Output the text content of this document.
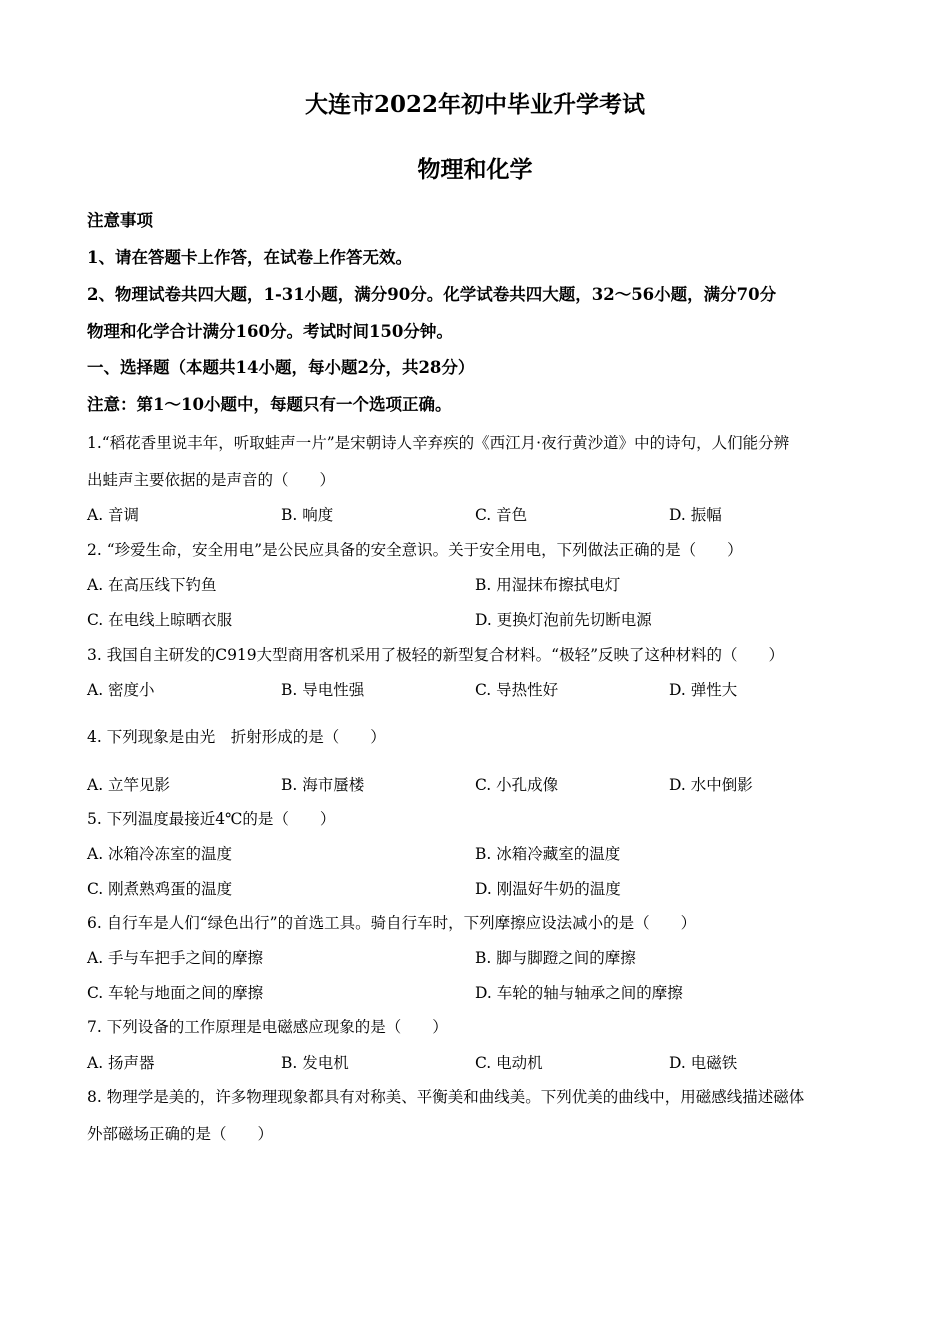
大连市2022年初中毕业升学考试
物理和化学
注意事项
1、请在答题卡上作答，在试卷上作答无效。
2、物理试卷共四大题，1-31小题，满分90分。化学试卷共四大题，32～56小题，满分70分
物理和化学合计满分160分。考试时间150分钟。
一、选择题（本题共14小题，每小题2分，共28分）
注意：第1～10小题中，每题只有一个选项正确。
1.“稻花香里说丰年，听取蛙声一片”是宋朝诗人辛弃疾的《西江月·夜行黄沙道》中的诗句，人们能分辨
出蛙声主要依据的是声音的（　　）
A. 音调	B. 响度	C. 音色	D. 振幅
2. “珍爱生命，安全用电”是公民应具备的安全意识。关于安全用电，下列做法正确的是（　　）
A. 在高压线下钓鱼	B. 用湿抹布擦拭电灯
C. 在电线上晾晒衣服	D. 更换灯泡前先切断电源
3. 我国自主研发的C919大型商用客机采用了极轻的新型复合材料。“极轻”反映了这种材料的（　　）
A. 密度小	B. 导电性强	C. 导热性好	D. 弹性大
4. 下列现象是由光　折射形成的是（　　）
A. 立竿见影	B. 海市蜃楼	C. 小孔成像	D. 水中倒影
5. 下列温度最接近4℃的是（　　）
A. 冰箱冷冻室的温度	B. 冰箱冷藏室的温度
C. 刚煮熟鸡蛋的温度	D. 刚温好牛奶的温度
6. 自行车是人们“绿色出行”的首选工具。骑自行车时，下列摩擦应设法减小的是（　　）
A. 手与车把手之间的摩擦	B. 脚与脚蹬之间的摩擦
C. 车轮与地面之间的摩擦	D. 车轮的轴与轴承之间的摩擦
7. 下列设备的工作原理是电磁感应现象的是（　　）
A. 扬声器	B. 发电机	C. 电动机	D. 电磁铁
8. 物理学是美的，许多物理现象都具有对称美、平衡美和曲线美。下列优美的曲线中，用磁感线描述磁体
外部磁场正确的是（　　）
